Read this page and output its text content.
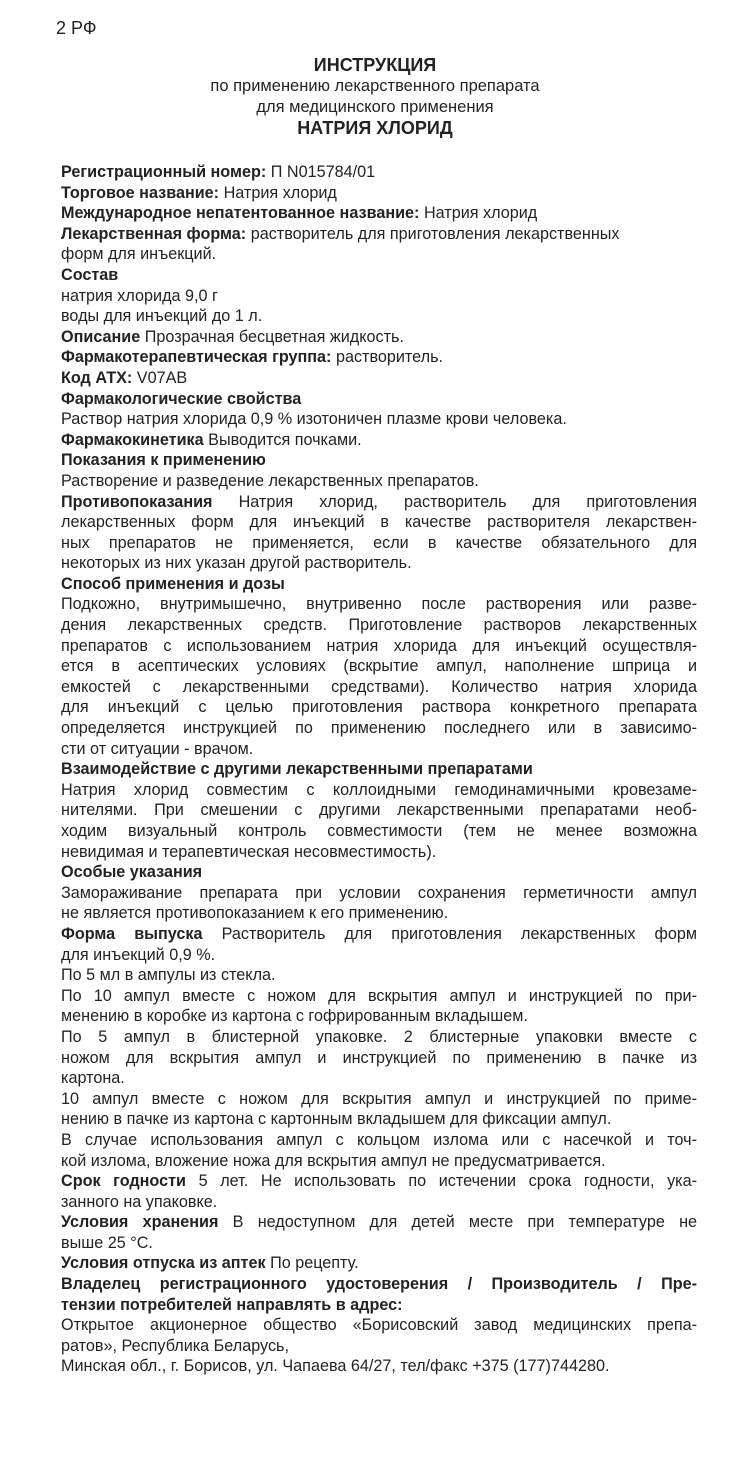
2 РФ
ИНСТРУКЦИЯ
по применению лекарственного препарата
для медицинского применения
НАТРИЯ ХЛОРИД

Регистрационный номер: П N015784/01

Торговое название: Натрия хлорид

Международное непатентованное название: Натрия хлорид

Лекарственная форма: растворитель для приготовления лекарственных

форм для инъекций.

Состав

натрия хлорида 9,0 г

воды для инъекций до 1 л.

Описание Прозрачная бесцветная жидкость.

Фармакотерапевтическая группа: растворитель.

Код АТХ: V07AB

Фармакологические свойства

Раствор натрия хлорида 0,9 % изотоничен плазме крови человека.

Фармакокинетика Выводится почками.

Показания к применению

Растворение и разведение лекарственных препаратов.

Противопоказания Натрия хлорид, растворитель для приготовления

лекарственных форм для инъекций в качестве растворителя лекарствен-

ных препаратов не применяется, если в качестве обязательного для

некоторых из них указан другой растворитель.

Способ применения и дозы

Подкожно, внутримышечно, внутривенно после растворения или разве-

дения лекарственных средств. Приготовление растворов лекарственных

препаратов с использованием натрия хлорида для инъекций осуществля-

ется в асептических условиях (вскрытие ампул, наполнение шприца и

емкостей с лекарственными средствами). Количество натрия хлорида

для инъекций с целью приготовления раствора конкретного препарата

определяется инструкцией по применению последнего или в зависимо-

сти от ситуации - врачом.

Взаимодействие с другими лекарственными препаратами

Натрия хлорид совместим с коллоидными гемодинамичными кровезаме-

нителями. При смешении с другими лекарственными препаратами необ-

ходим визуальный контроль совместимости (тем не менее возможна

невидимая и терапевтическая несовместимость).

Особые указания

Замораживание препарата при условии сохранения герметичности ампул

не является противопоказанием к его применению.

Форма выпуска Растворитель для приготовления лекарственных форм

для инъекций 0,9 %.

По 5 мл в ампулы из стекла.

По 10 ампул вместе с ножом для вскрытия ампул и инструкцией по при-

менению в коробке из картона с гофрированным вкладышем.

По 5 ампул в блистерной упаковке. 2 блистерные упаковки вместе с

ножом для вскрытия ампул и инструкцией по применению в пачке из

картона.

10 ампул вместе с ножом для вскрытия ампул и инструкцией по приме-

нению в пачке из картона с картонным вкладышем для фиксации ампул.

В случае использования ампул с кольцом излома или с насечкой и точ-

кой излома, вложение ножа для вскрытия ампул не предусматривается.

Срок годности 5 лет. Не использовать по истечении срока годности, ука-

занного на упаковке.

Условия хранения В недоступном для детей месте при температуре не

выше 25 °С.

Условия отпуска из аптек По рецепту.

Владелец регистрационного удостоверения / Производитель / Пре-

тензии потребителей направлять в адрес:

Открытое акционерное общество «Борисовский завод медицинских препа-

ратов», Республика Беларусь,

Минская обл., г. Борисов, ул. Чапаева 64/27, тел/факс +375 (177)744280.
